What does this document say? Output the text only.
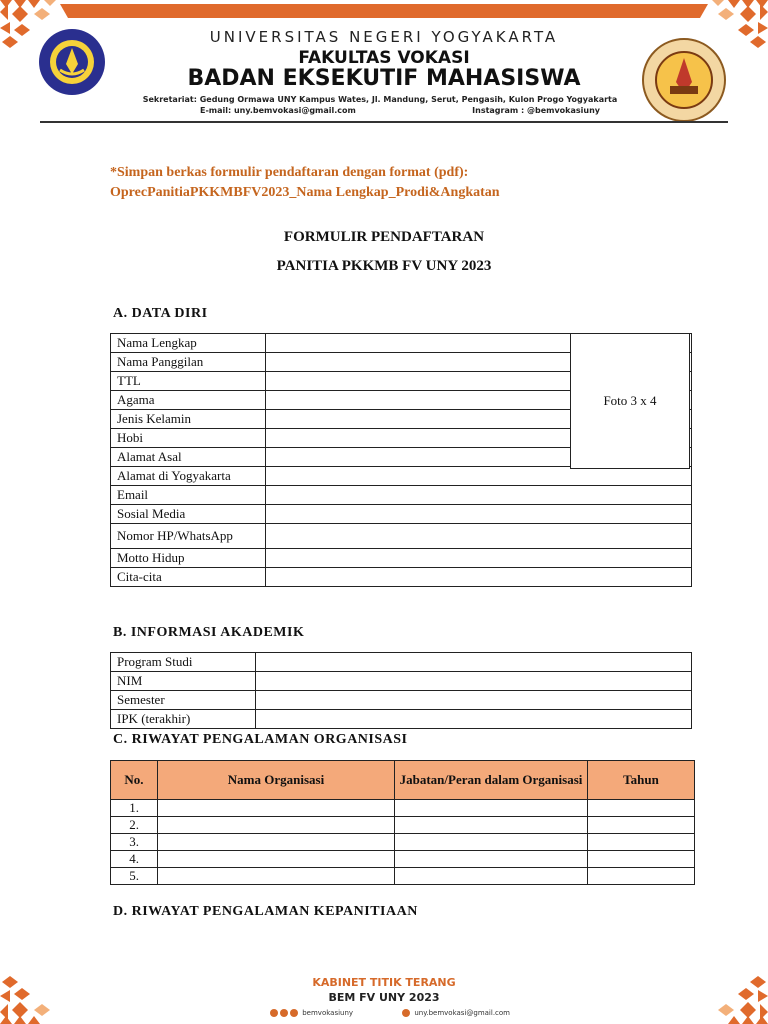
UNIVERSITAS NEGERI YOGYAKARTA
FAKULTAS VOKASI
BADAN EKSEKUTIF MAHASISWA
Sekretariat: Gedung Ormawa UNY Kampus Wates, Jl. Mandung, Serut, Pengasih, Kulon Progo Yogyakarta
E-mail: uny.bemvokasi@gmail.com	Instagram : @bemvokasiuny
*Simpan berkas formulir pendaftaran dengan format (pdf):
OprecPanitiaPKKMBFV2023_Nama Lengkap_Prodi&Angkatan
FORMULIR PENDAFTARAN
PANITIA PKKMB FV UNY 2023
A. DATA DIRI
Nama Lengkap	
Nama Panggilan	
TTL	
Agama	
Jenis Kelamin	
Hobi	
Alamat Asal	
Alamat di Yogyakarta	
Email	
Sosial Media	
Nomor HP/WhatsApp	
Motto Hidup	
Cita-cita	
Foto 3 x 4
B. INFORMASI AKADEMIK
Program Studi	
NIM	
Semester	
IPK (terakhir)	
C. RIWAYAT PENGALAMAN ORGANISASI
No.	Nama Organisasi	Jabatan/Peran dalam Organisasi	Tahun
1.			
2.			
3.			
4.			
5.			
D. RIWAYAT PENGALAMAN KEPANITIAAN
KABINET TITIK TERANG
BEM FV UNY 2023
bemvokasiuny	uny.bemvokasi@gmail.com
